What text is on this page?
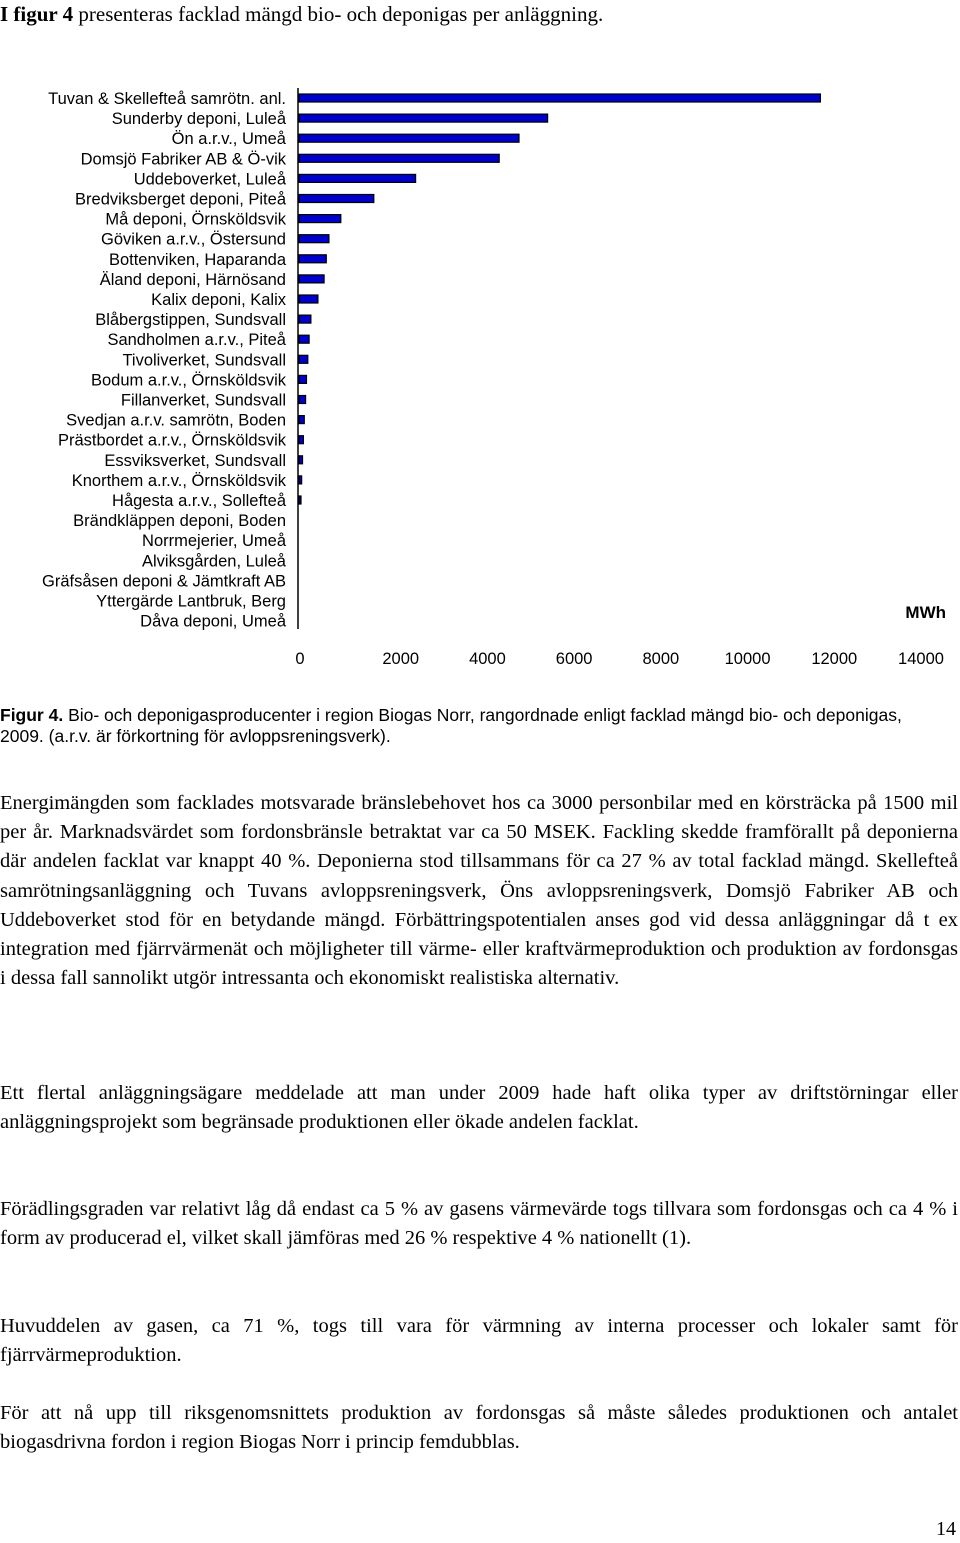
I figur 4 presenteras facklad mängd bio- och deponigas per anläggning.
Tuvan & Skellefteå samrötn. anl.
Sunderby deponi, Luleå
Ön a.r.v., Umeå
Domsjö Fabriker AB & Ö-vik
Uddeboverket, Luleå
Bredviksberget deponi, Piteå
Må deponi, Örnsköldsvik
Göviken a.r.v., Östersund
Bottenviken, Haparanda
Äland deponi, Härnösand
Kalix deponi, Kalix
Blåbergstippen, Sundsvall
Sandholmen a.r.v., Piteå
Tivoliverket, Sundsvall
Bodum a.r.v., Örnsköldsvik
Fillanverket, Sundsvall
Svedjan a.r.v. samrötn, Boden
Prästbordet a.r.v., Örnsköldsvik
Essviksverket, Sundsvall
Knorthem a.r.v., Örnsköldsvik
Hågesta a.r.v., Sollefteå
Brändkläppen deponi, Boden
Norrmejerier, Umeå
Alviksgården, Luleå
Gräfsåsen deponi & Jämtkraft AB
Yttergärde Lantbruk, Berg
Dåva deponi, Umeå
0	2000	4000	6000	8000	10000 12000 14000
MWh
Figur 4. Bio- och deponigasproducenter i region Biogas Norr, rangordnade enligt facklad mängd bio- och deponigas, 2009. (a.r.v. är förkortning för avloppsreningsverk).

Energimängden som facklades motsvarade bränslebehovet hos ca 3000 personbilar med en körsträcka på 1500 mil per år. Marknadsvärdet som fordonsbränsle betraktat var ca 50 MSEK. Fackling skedde framförallt på deponierna där andelen facklat var knappt 40 %. Deponierna stod tillsammans för ca 27 % av total facklad mängd. Skellefteå samrötningsanläggning och Tuvans avloppsreningsverk, Öns avloppsreningsverk, Domsjö Fabriker AB och Uddeboverket stod för en betydande mängd. Förbättringspotentialen anses god vid dessa anläggningar då t ex integration med fjärrvärmenät och möjligheter till värme- eller kraftvärmeproduktion och produktion av fordonsgas i dessa fall sannolikt utgör intressanta och ekonomiskt realistiska alternativ.

Ett flertal anläggningsägare meddelade att man under 2009 hade haft olika typer av driftstörningar eller anläggningsprojekt som begränsade produktionen eller ökade andelen facklat.

Förädlingsgraden var relativt låg då endast ca 5 % av gasens värmevärde togs tillvara som fordonsgas och ca 4 % i form av producerad el, vilket skall jämföras med 26 % respektive 4 % nationellt (1).

Huvuddelen av gasen, ca 71 %, togs till vara för värmning av interna processer och lokaler samt för fjärrvärmeproduktion.

För att nå upp till riksgenomsnittets produktion av fordonsgas så måste således produktionen och antalet biogasdrivna fordon i region Biogas Norr i princip femdubblas.

14
